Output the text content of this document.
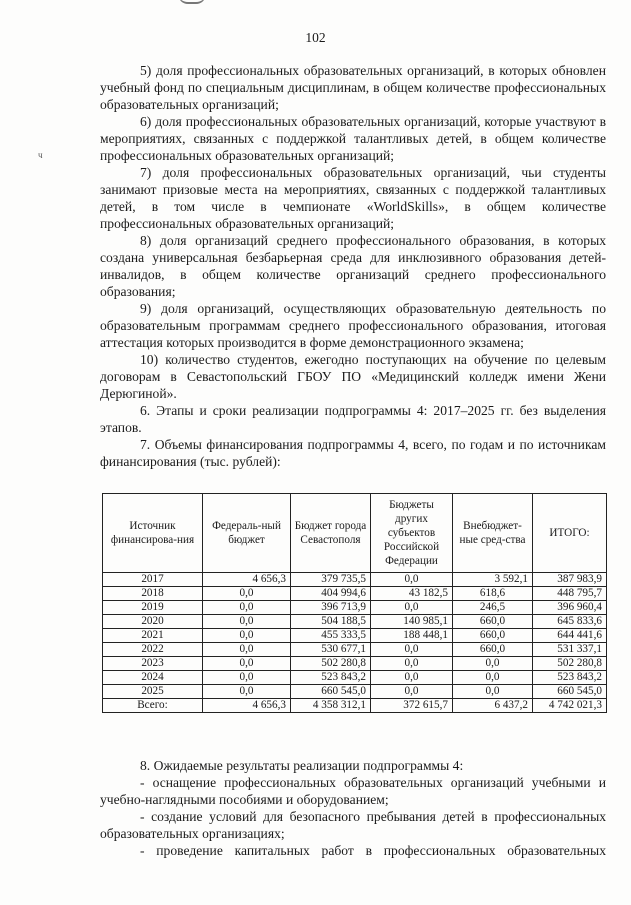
102
ч

5) доля профессиональных образовательных организаций, в которых обновлен учебный фонд по специальным дисциплинам, в общем количестве профессиональных образовательных организаций;

6) доля профессиональных образовательных организаций, которые участвуют в мероприятиях, связанных с поддержкой талантливых детей, в общем количестве профессиональных образовательных организаций;

7) доля профессиональных образовательных организаций, чьи студенты занимают призовые места на мероприятиях, связанных с поддержкой талантливых детей, в том числе в чемпионате «WorldSkills», в общем количестве профессиональных образовательных организаций;

8) доля организаций среднего профессионального образования, в которых создана универсальная безбарьерная среда для инклюзивного образования детей-инвалидов, в общем количестве организаций среднего профессионального образования;

9) доля организаций, осуществляющих образовательную деятельность по образовательным программам среднего профессионального образования, итоговая аттестация которых производится в форме демонстрационного экзамена;

10) количество студентов, ежегодно поступающих на обучение по целевым договорам в Севастопольский ГБОУ ПО «Медицинский колледж имени Жени Дерюгиной».

6. Этапы и сроки реализации подпрограммы 4: 2017–2025 гг. без выделения этапов.

7. Объемы финансирования подпрограммы 4, всего, по годам и по источникам финансирования (тыс. рублей):

Источник финансирова-ния	Федераль-ный бюджет	Бюджет города Севастополя	Бюджеты других субъектов Российской Федерации	Внебюджет-ные сред-ства	ИТОГО:
2017	4 656,3	379 735,5	0,0	3 592,1	387 983,9
2018	0,0	404 994,6	43 182,5	618,6	448 795,7
2019	0,0	396 713,9	0,0	246,5	396 960,4
2020	0,0	504 188,5	140 985,1	660,0	645 833,6
2021	0,0	455 333,5	188 448,1	660,0	644 441,6
2022	0,0	530 677,1	0,0	660,0	531 337,1
2023	0,0	502 280,8	0,0	0,0	502 280,8
2024	0,0	523 843,2	0,0	0,0	523 843,2
2025	0,0	660 545,0	0,0	0,0	660 545,0
Всего:	4 656,3	4 358 312,1	372 615,7	6 437,2	4 742 021,3

8. Ожидаемые результаты реализации подпрограммы 4:

- оснащение профессиональных образовательных организаций учебными и учебно-наглядными пособиями и оборудованием;

- создание условий для безопасного пребывания детей в профессиональных образовательных организациях;

- проведение капитальных работ в профессиональных образовательных
